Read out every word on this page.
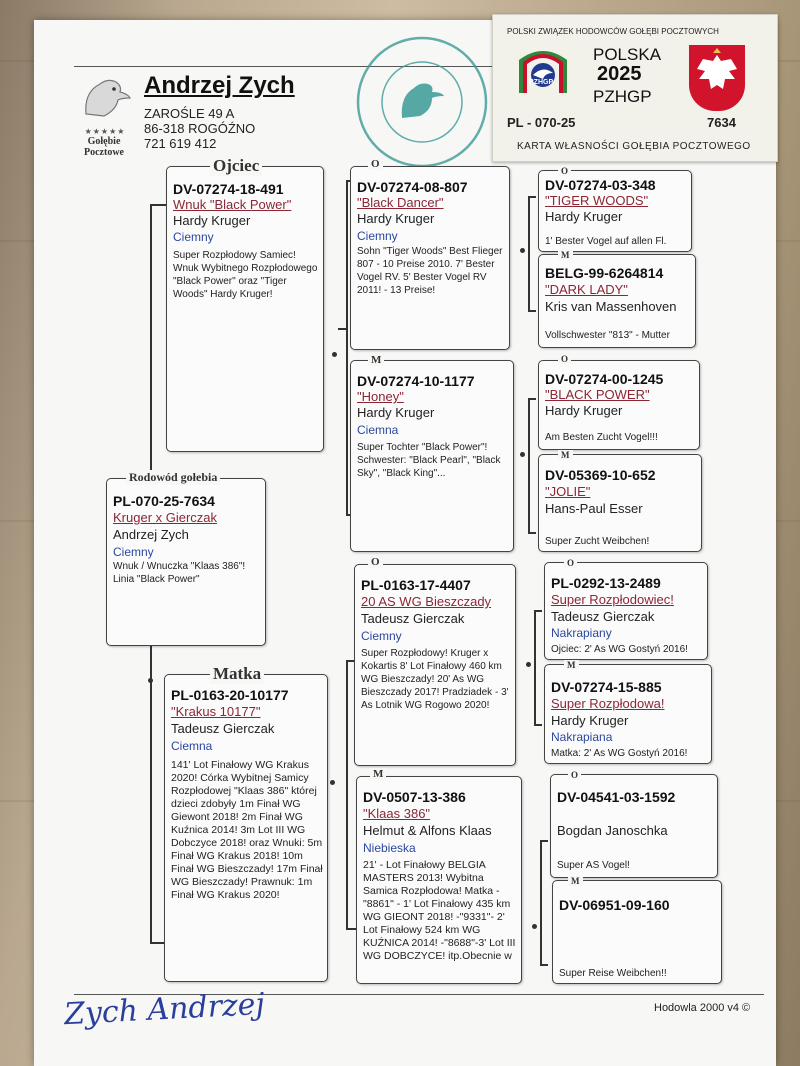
★★★★★
Gołębie Pocztowe
Andrzej Zych
ZAROŚLE 49 A
86-318 ROGÓŹNO
721 619 412
POLSKI ZWIĄZEK HODOWCÓW GOŁĘBI POCZTOWYCH
PZHGP
POLSKA
2025
PZHGP
PL - 070-25	7634
KARTA WŁASNOŚCI GOŁĘBIA POCZTOWEGO
Ojciec
DV-07274-18-491
Wnuk "Black Power"
Hardy Kruger
Ciemny
Super Rozpłodowy Samiec! Wnuk Wybitnego Rozpłodowego "Black Power" oraz "Tiger Woods" Hardy Kruger!
Rodowód gołebia
PL-070-25-7634
Kruger x Gierczak
Andrzej Zych
Ciemny
Wnuk / Wnuczka "Klaas 386"! Linia "Black Power"
Matka
PL-0163-20-10177
"Krakus 10177"
Tadeusz Gierczak
Ciemna
141' Lot Finałowy WG Krakus 2020! Córka Wybitnej Samicy Rozpłodowej "Klaas 386" której dzieci zdobyły 1m Finał WG Giewont 2018! 2m Finał WG Kuźnica 2014! 3m Lot III WG Dobczyce 2018! oraz Wnuki: 5m Finał WG Krakus 2018! 10m Finał WG Bieszczady! 17m Finał WG Bieszczady! Prawnuk: 1m Finał WG Krakus 2020!
O
DV-07274-08-807
"Black Dancer"
Hardy Kruger
Ciemny
Sohn "Tiger Woods" Best Flieger 807 - 10 Preise 2010. 7' Bester Vogel RV. 5' Bester Vogel RV 2011! - 13 Preise!
M
DV-07274-10-1177
"Honey"
Hardy Kruger
Ciemna
Super Tochter "Black Power"! Schwester: "Black Pearl", "Black Sky", "Black King"...
O
PL-0163-17-4407
20 AS WG Bieszczady
Tadeusz Gierczak
Ciemny
Super Rozpłodowy! Kruger x Kokartis 8' Lot Finałowy 460 km WG Bieszczady! 20' As WG Bieszczady 2017! Pradziadek - 3' As Lotnik WG Rogowo 2020!
M
DV-0507-13-386
"Klaas 386"
Helmut & Alfons Klaas
Niebieska
21' - Lot Finałowy BELGIA MASTERS 2013! Wybitna Samica Rozpłodowa! Matka - "8861" - 1' Lot Finałowy 435 km WG GIEONT 2018! -"9331"- 2' Lot Finałowy 524 km WG KUŹNICA 2014! -"8688"-3' Lot III WG DOBCZYCE! itp.Obecnie w
O
DV-07274-03-348
"TIGER WOODS"
Hardy Kruger
1' Bester Vogel auf allen Fl.
M
BELG-99-6264814
"DARK LADY"
Kris van Massenhoven
Vollschwester "813" - Mutter
O
DV-07274-00-1245
"BLACK POWER"
Hardy Kruger
Am Besten Zucht Vogel!!!
M
DV-05369-10-652
"JOLIE"
Hans-Paul Esser
Super Zucht Weibchen!
O
PL-0292-13-2489
Super Rozpłodowiec!
Tadeusz Gierczak
Nakrapiany
Ojciec: 2' As WG Gostyń 2016!
M
DV-07274-15-885
Super Rozpłodowa!
Hardy Kruger
Nakrapiana
Matka: 2' As WG Gostyń 2016!
O
DV-04541-03-1592
Bogdan Janoschka
Super AS Vogel!
M
DV-06951-09-160
Super Reise Weibchen!!
Zych Andrzej	Hodowla 2000 v4 ©
